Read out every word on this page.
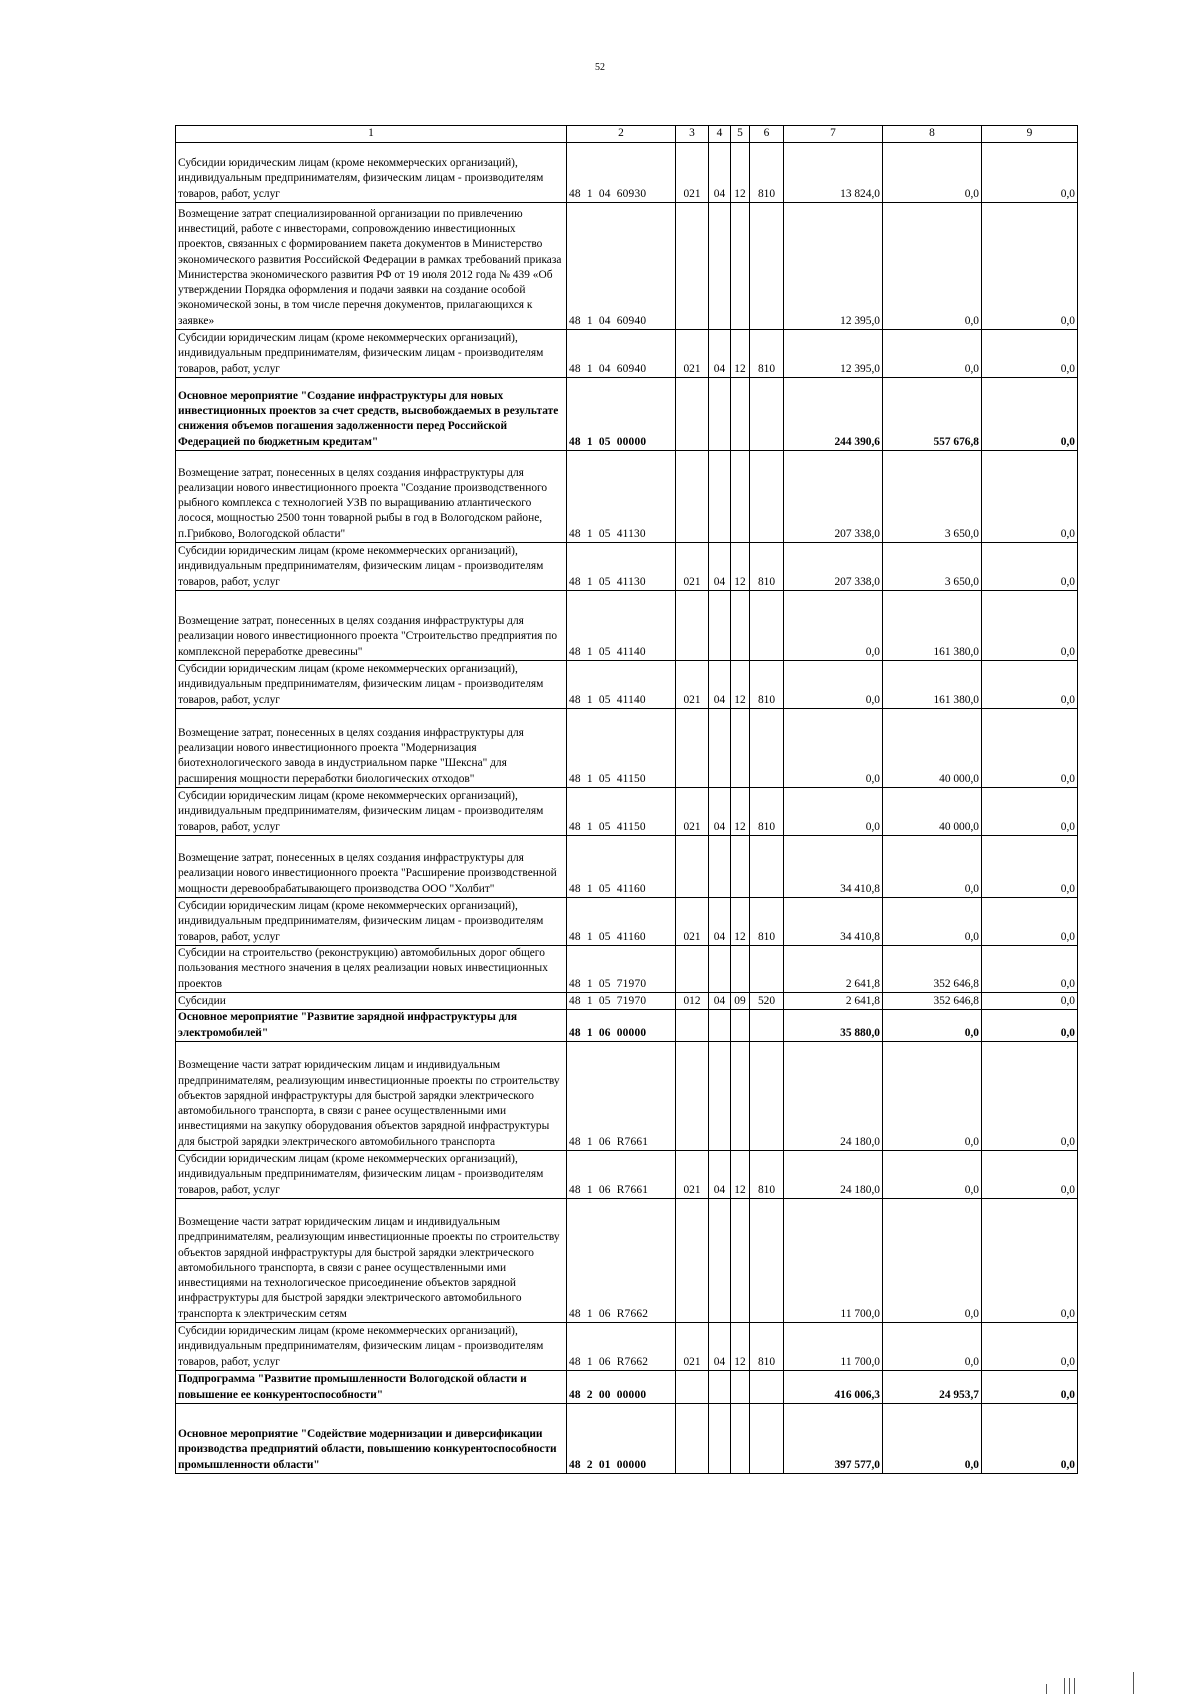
52
1	2	3	4	5	6	7	8	9
Субсидии юридическим лицам (кроме некоммерческих организаций), индивидуальным предпринимателям, физическим лицам - производителям товаров, работ, услуг	48  1  04  60930	021	04	12	810	13 824,0	0,0	0,0
Возмещение затрат специализированной организации по привлечению инвестиций, работе с инвесторами, сопровождению инвестиционных проектов, связанных с формированием пакета документов в Министерство экономического развития Российской Федерации в рамках требований приказа Министерства экономического развития РФ от 19 июля 2012 года № 439 «Об утверждении Порядка оформления и подачи заявки на создание особой экономической зоны, в том числе перечня документов, прилагающихся к заявке»	48  1  04  60940					12 395,0	0,0	0,0
Субсидии юридическим лицам (кроме некоммерческих организаций), индивидуальным предпринимателям, физическим лицам - производителям товаров, работ, услуг	48  1  04  60940	021	04	12	810	12 395,0	0,0	0,0
Основное мероприятие "Создание инфраструктуры для новых инвестиционных проектов за счет средств, высвобождаемых в результате снижения объемов погашения задолженности перед Российской Федерацией по бюджетным кредитам"	48  1  05  00000					244 390,6	557 676,8	0,0
Возмещение затрат, понесенных в целях создания инфраструктуры для реализации нового инвестиционного проекта "Создание производственного рыбного комплекса с технологией УЗВ по выращиванию атлантического лосося, мощностью 2500 тонн товарной рыбы в год в Вологодском районе, п.Грибково, Вологодской области"	48  1  05  41130					207 338,0	3 650,0	0,0
Субсидии юридическим лицам (кроме некоммерческих организаций), индивидуальным предпринимателям, физическим лицам - производителям товаров, работ, услуг	48  1  05  41130	021	04	12	810	207 338,0	3 650,0	0,0
Возмещение затрат, понесенных в целях создания инфраструктуры для реализации нового инвестиционного проекта "Строительство предприятия по комплексной переработке древесины"	48  1  05  41140					0,0	161 380,0	0,0
Субсидии юридическим лицам (кроме некоммерческих организаций), индивидуальным предпринимателям, физическим лицам - производителям товаров, работ, услуг	48  1  05  41140	021	04	12	810	0,0	161 380,0	0,0
Возмещение затрат, понесенных в целях создания инфраструктуры для реализации нового инвестиционного проекта "Модернизация биотехнологического завода в индустриальном парке "Шексна" для расширения мощности переработки биологических отходов"	48  1  05  41150					0,0	40 000,0	0,0
Субсидии юридическим лицам (кроме некоммерческих организаций), индивидуальным предпринимателям, физическим лицам - производителям товаров, работ, услуг	48  1  05  41150	021	04	12	810	0,0	40 000,0	0,0
Возмещение затрат, понесенных в целях создания инфраструктуры для реализации нового инвестиционного проекта "Расширение производственной мощности деревообрабатывающего производства ООО "Холбит"	48  1  05  41160					34 410,8	0,0	0,0
Субсидии юридическим лицам (кроме некоммерческих организаций), индивидуальным предпринимателям, физическим лицам - производителям товаров, работ, услуг	48  1  05  41160	021	04	12	810	34 410,8	0,0	0,0
Субсидии на строительство (реконструкцию) автомобильных дорог общего пользования местного значения в целях реализации новых инвестиционных проектов	48  1  05  71970					2 641,8	352 646,8	0,0
Субсидии	48  1  05  71970	012	04	09	520	2 641,8	352 646,8	0,0
Основное мероприятие "Развитие зарядной инфраструктуры для электромобилей"	48  1  06  00000					35 880,0	0,0	0,0
Возмещение части затрат юридическим лицам и индивидуальным предпринимателям, реализующим инвестиционные проекты по строительству объектов зарядной инфраструктуры для быстрой зарядки электрического автомобильного транспорта, в связи с ранее осуществленными ими инвестициями на закупку оборудования объектов зарядной инфраструктуры для быстрой зарядки электрического автомобильного транспорта	48  1  06  R7661					24 180,0	0,0	0,0
Субсидии юридическим лицам (кроме некоммерческих организаций), индивидуальным предпринимателям, физическим лицам - производителям товаров, работ, услуг	48  1  06  R7661	021	04	12	810	24 180,0	0,0	0,0
Возмещение части затрат юридическим лицам и индивидуальным предпринимателям, реализующим инвестиционные проекты по строительству объектов зарядной инфраструктуры для быстрой зарядки электрического автомобильного транспорта, в связи с ранее осуществленными ими инвестициями на технологическое присоединение объектов зарядной инфраструктуры для быстрой зарядки электрического автомобильного транспорта к электрическим сетям	48  1  06  R7662					11 700,0	0,0	0,0
Субсидии юридическим лицам (кроме некоммерческих организаций), индивидуальным предпринимателям, физическим лицам - производителям товаров, работ, услуг	48  1  06  R7662	021	04	12	810	11 700,0	0,0	0,0
Подпрограмма "Развитие промышленности Вологодской области и повышение ее конкурентоспособности"	48  2  00  00000					416 006,3	24 953,7	0,0
Основное мероприятие "Содействие модернизации и диверсификации производства предприятий области, повышению конкурентоспособности промышленности области"	48  2  01  00000					397 577,0	0,0	0,0
